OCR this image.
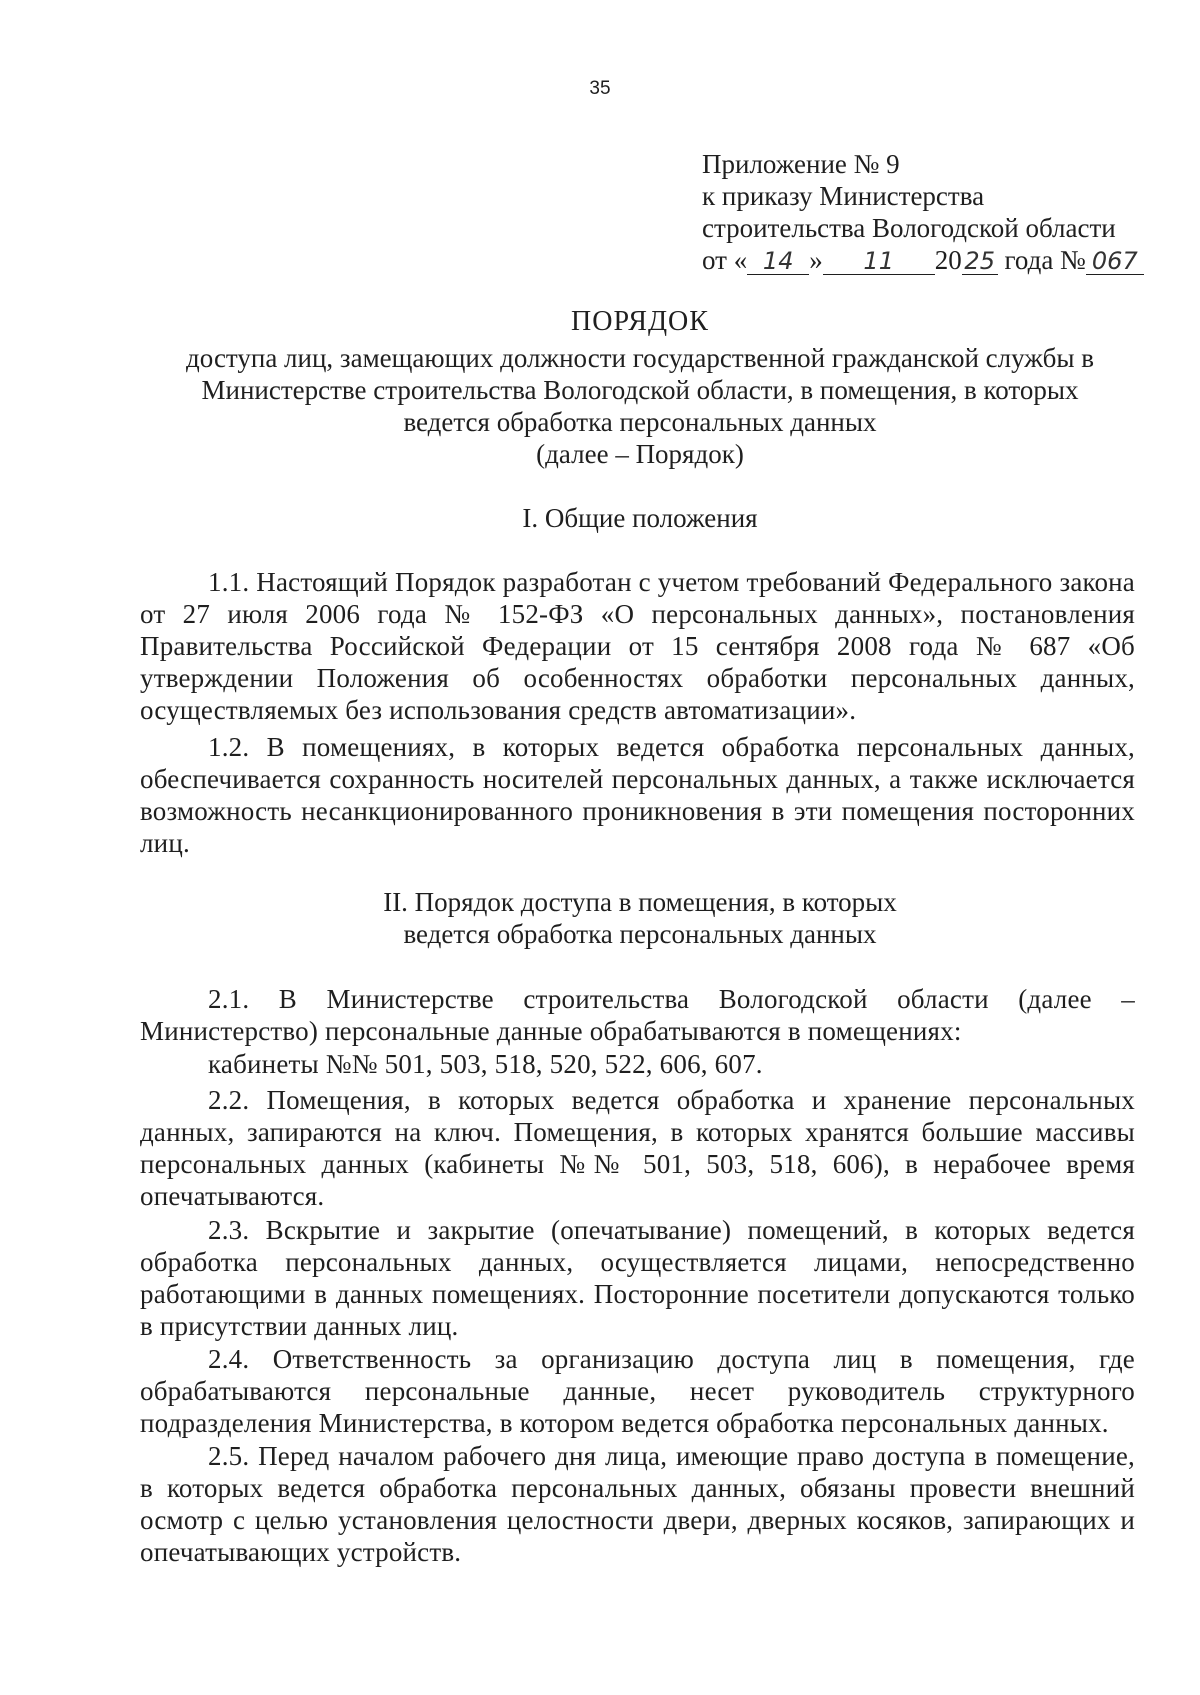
35
Приложение № 9
к приказу Министерства
строительства Вологодской области
от « 14 » 11 20 25 года № 067
ПОРЯДОК
доступа лиц, замещающих должности государственной гражданской службы в
Министерстве строительства Вологодской области, в помещения, в которых
ведется обработка персональных данных
(далее – Порядок)
I. Общие положения
1.1. Настоящий Порядок разработан с учетом требований Федерального закона от 27 июля 2006 года № 152-ФЗ «О персональных данных», постановления Правительства Российской Федерации от 15 сентября 2008 года № 687 «Об утверждении Положения об особенностях обработки персональных данных, осуществляемых без использования средств автоматизации».
1.2. В помещениях, в которых ведется обработка персональных данных, обеспечивается сохранность носителей персональных данных, а также исключается возможность несанкционированного проникновения в эти помещения посторонних лиц.
II. Порядок доступа в помещения, в которых
ведется обработка персональных данных
2.1. В Министерстве строительства Вологодской области (далее – Министерство) персональные данные обрабатываются в помещениях:
кабинеты №№ 501, 503, 518, 520, 522, 606, 607.
2.2. Помещения, в которых ведется обработка и хранение персональных данных, запираются на ключ. Помещения, в которых хранятся большие массивы персональных данных (кабинеты №№ 501, 503, 518, 606), в нерабочее время опечатываются.
2.3. Вскрытие и закрытие (опечатывание) помещений, в которых ведется обработка персональных данных, осуществляется лицами, непосредственно работающими в данных помещениях. Посторонние посетители допускаются только в присутствии данных лиц.
2.4. Ответственность за организацию доступа лиц в помещения, где обрабатываются персональные данные, несет руководитель структурного подразделения Министерства, в котором ведется обработка персональных данных.
2.5. Перед началом рабочего дня лица, имеющие право доступа в помещение, в которых ведется обработка персональных данных, обязаны провести внешний осмотр с целью установления целостности двери, дверных косяков, запирающих и опечатывающих устройств.
